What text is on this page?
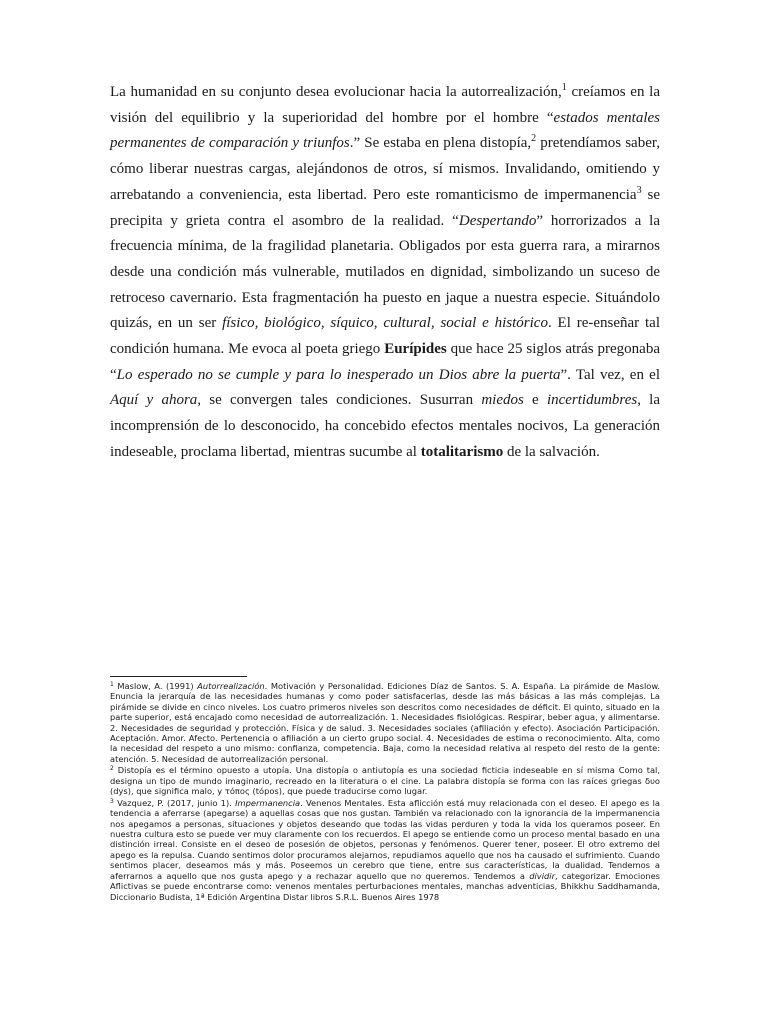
La humanidad en su conjunto desea evolucionar hacia la autorrealización,$^1$ creíamos en la visión del equilibrio y la superioridad del hombre por el hombre “estados mentales permanentes de comparación y triunfos.” Se estaba en plena distopía,$^2$ pretendíamos saber, cómo liberar nuestras cargas, alejándonos de otros, sí mismos. Invalidando, omitiendo y arrebatando a conveniencia, esta libertad. Pero este romanticismo de impermanencia$^3$ se precipita y grieta contra el asombro de la realidad. “Despertando” horrorizados a la frecuencia mínima, de la fragilidad planetaria. Obligados por esta guerra rara, a mirarnos desde una condición más vulnerable, mutilados en dignidad, simbolizando un suceso de retroceso cavernario. Esta fragmentación ha puesto en jaque a nuestra especie. Situándolo quizás, en un ser físico, biológico, síquico, cultural, social e histórico. El re-enseñar tal condición humana. Me evoca al poeta griego Eurípides que hace 25 siglos atrás pregonaba “Lo esperado no se cumple y para lo inesperado un Dios abre la puerta”. Tal vez, en el Aquí y ahora, se convergen tales condiciones. Susurran miedos e incertidumbres, la incomprensión de lo desconocido, ha concebido efectos mentales nocivos, La generación indeseable, proclama libertad, mientras sucumbe al totalitarismo de la salvación.

$^1$ Maslow, A. (1991) Autorrealización. Motivación y Personalidad. Ediciones Díaz de Santos. S. A. España. La pirámide de Maslow. Enuncia la jerarquía de las necesidades humanas y como poder satisfacerlas, desde las más básicas a las más complejas. La pirámide se divide en cinco niveles. Los cuatro primeros niveles son descritos como necesidades de déficit. El quinto, situado en la parte superior, está encajado como necesidad de autorrealización. 1. Necesidades fisiológicas. Respirar, beber agua, y alimentarse. 2. Necesidades de seguridad y protección. Física y de salud. 3. Necesidades sociales (afiliación y efecto). Asociación Participación. Aceptación. Amor. Afecto. Pertenencia o afiliación a un cierto grupo social. 4. Necesidades de estima o reconocimiento. Alta, como la necesidad del respeto a uno mismo: confianza, competencia. Baja, como la necesidad relativa al respeto del resto de la gente: atención. 5. Necesidad de autorrealización personal.

$^2$ Distopía es el término opuesto a utopía. Una distopía o antiutopía es una sociedad ficticia indeseable en sí misma Como tal, designa un tipo de mundo imaginario, recreado en la literatura o el cine. La palabra distopía se forma con las raíces griegas δυο (dys), que significa malo, y τόπος (tópos), que puede traducirse como lugar.

$^3$ Vazquez, P. (2017, junio 1). Impermanencia. Venenos Mentales. Esta aflicción está muy relacionada con el deseo. El apego es la tendencia a aferrarse (apegarse) a aquellas cosas que nos gustan. También va relacionado con la ignorancia de la impermanencia nos apegamos a personas, situaciones y objetos deseando que todas las vidas perduren y toda la vida los queramos poseer. En nuestra cultura esto se puede ver muy claramente con los recuerdos. El apego se entiende como un proceso mental basado en una distinción irreal. Consiste en el deseo de posesión de objetos, personas y fenómenos. Querer tener, poseer. El otro extremo del apego es la repulsa. Cuando sentimos dolor procuramos alejarnos, repudiamos aquello que nos ha causado el sufrimiento. Cuando sentimos placer, deseamos más y más. Poseemos un cerebro que tiene, entre sus características, la dualidad. Tendemos a aferrarnos a aquello que nos gusta apego y a rechazar aquello que no queremos. Tendemos a dividir, categorizar. Emociones Aflictivas se puede encontrarse como: venenos mentales perturbaciones mentales, manchas adventicias, Bhikkhu Saddhamanda, Diccionario Budista, 1ª Edición Argentina Distar libros S.R.L. Buenos Aires 1978
